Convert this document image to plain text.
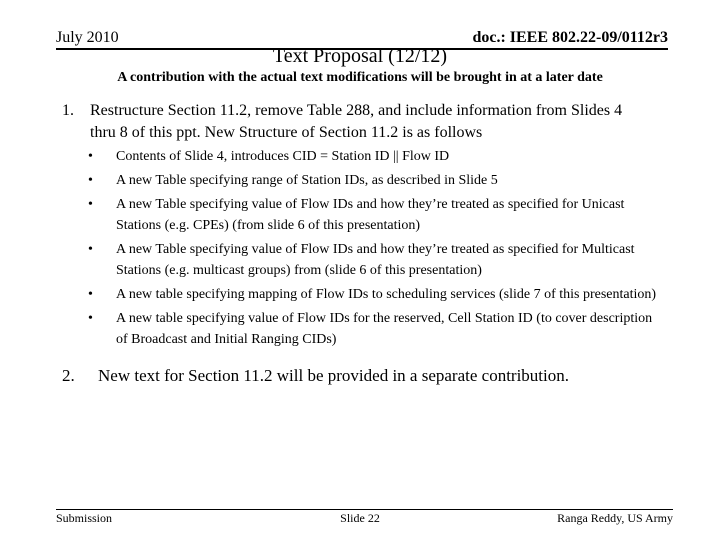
July 2010	doc.: IEEE 802.22-09/0112r3
Text Proposal (12/12)
A contribution with the actual text modifications will be brought in at a later date
1. Restructure Section 11.2, remove Table 288, and include information from Slides 4 thru 8 of this ppt. New Structure of Section 11.2 is as follows
• Contents of Slide 4, introduces CID = Station ID || Flow ID
• A new Table specifying range of Station IDs, as described in Slide 5
• A new Table specifying value of Flow IDs and how they’re treated as specified for Unicast Stations (e.g. CPEs) (from slide 6 of this presentation)
• A new Table specifying value of Flow IDs and how they’re treated as specified for Multicast Stations (e.g. multicast groups) from (slide 6 of this presentation)
• A new table specifying mapping of Flow IDs to scheduling services (slide 7 of this presentation)
• A new table specifying value of Flow IDs for the reserved, Cell Station ID (to cover description of Broadcast and Initial Ranging CIDs)
2. New text for Section 11.2 will be provided in a separate contribution.
Submission	Slide 22	Ranga Reddy, US Army
